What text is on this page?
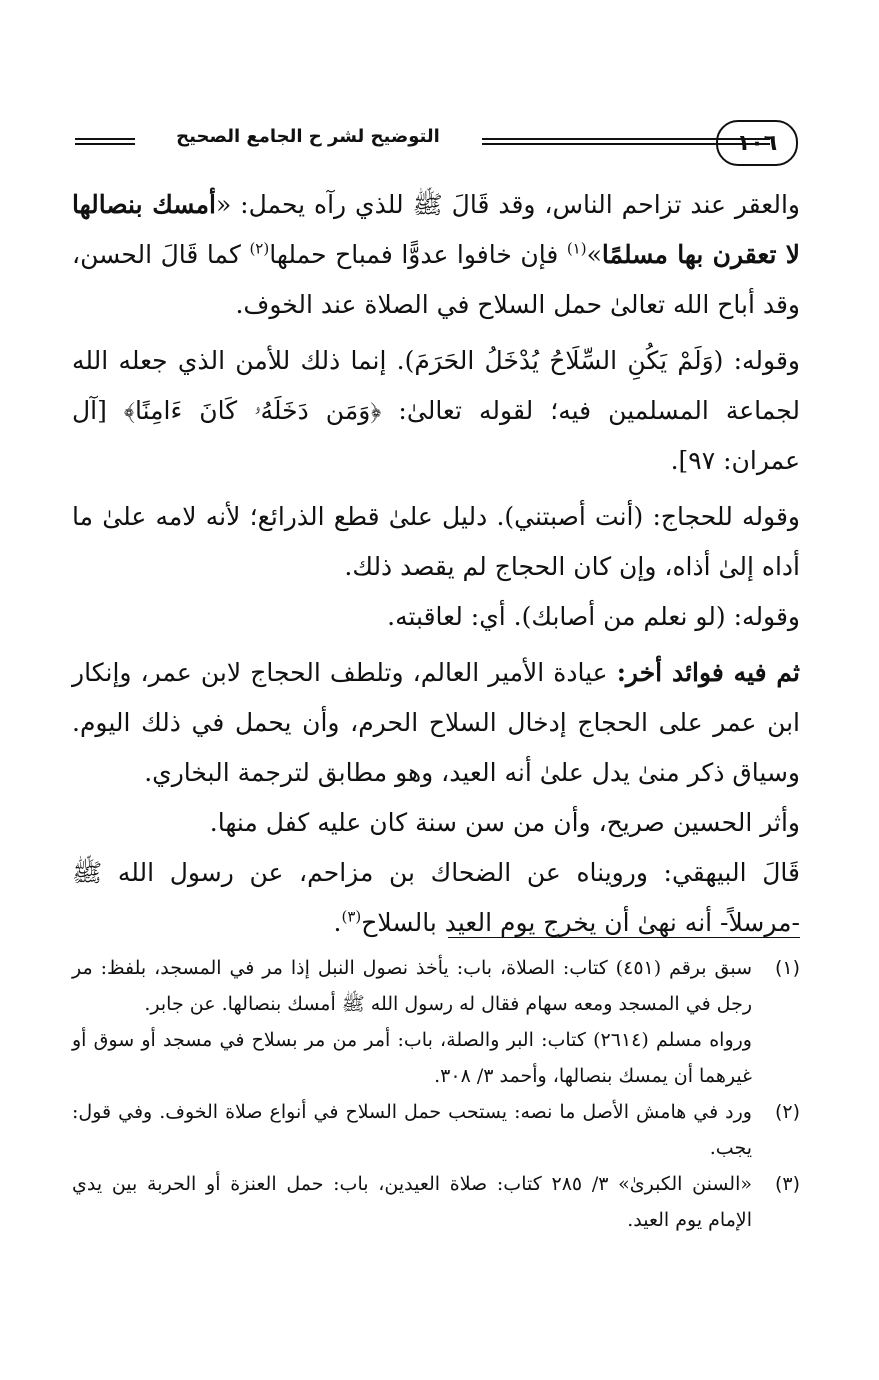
١٠٦
التوضيح لشر ح الجامع الصحيح

والعقر عند تزاحم الناس، وقد قَالَ ﷺ للذي رآه يحمل: «أمسك بنصالها لا تعقرن بها مسلمًا»$^{(١)}$ فإن خافوا عدوًّا فمباح حملها$^{(٢)}$ كما قَالَ الحسن، وقد أباح الله تعالىٰ حمل السلاح في الصلاة عند الخوف.

وقوله: (وَلَمْ يَكُنِ السِّلَاحُ يُدْخَلُ الحَرَمَ). إنما ذلك للأمن الذي جعله الله لجماعة المسلمين فيه؛ لقوله تعالىٰ: ﴿وَمَن دَخَلَهُۥ كَانَ ءَامِنًا﴾ [آل عمران: ٩٧].

وقوله للحجاج: (أنت أصبتني). دليل علىٰ قطع الذرائع؛ لأنه لامه علىٰ ما أداه إلىٰ أذاه، وإن كان الحجاج لم يقصد ذلك.

وقوله: (لو نعلم من أصابك). أي: لعاقبته.

ثم فيه فوائد أخر: عيادة الأمير العالم، وتلطف الحجاج لابن عمر، وإنكار ابن عمر على الحجاج إدخال السلاح الحرم، وأن يحمل في ذلك اليوم. وسياق ذكر منىٰ يدل علىٰ أنه العيد، وهو مطابق لترجمة البخاري.

وأثر الحسين صريح، وأن من سن سنة كان عليه كفل منها.

قَالَ البيهقي: ورويناه عن الضحاك بن مزاحم، عن رسول الله ﷺ -مرسلاً- أنه نهىٰ أن يخرج يوم العيد بالسلاح$^{(٣)}$.

(١)
سبق برقم (٤٥١) كتاب: الصلاة، باب: يأخذ نصول النبل إذا مر في المسجد، بلفظ: مر رجل في المسجد ومعه سهام فقال له رسول الله ﷺ أمسك بنصالها. عن جابر.
ورواه مسلم (٢٦١٤) كتاب: البر والصلة، باب: أمر من مر بسلاح في مسجد أو سوق أو غيرهما أن يمسك بنصالها، وأحمد ٣/ ٣٠٨.
(٢)
ورد في هامش الأصل ما نصه: يستحب حمل السلاح في أنواع صلاة الخوف. وفي قول: يجب.
(٣)
«السنن الكبرىٰ» ٣/ ٢٨٥ كتاب: صلاة العيدين، باب: حمل العنزة أو الحربة بين يدي الإمام يوم العيد.
